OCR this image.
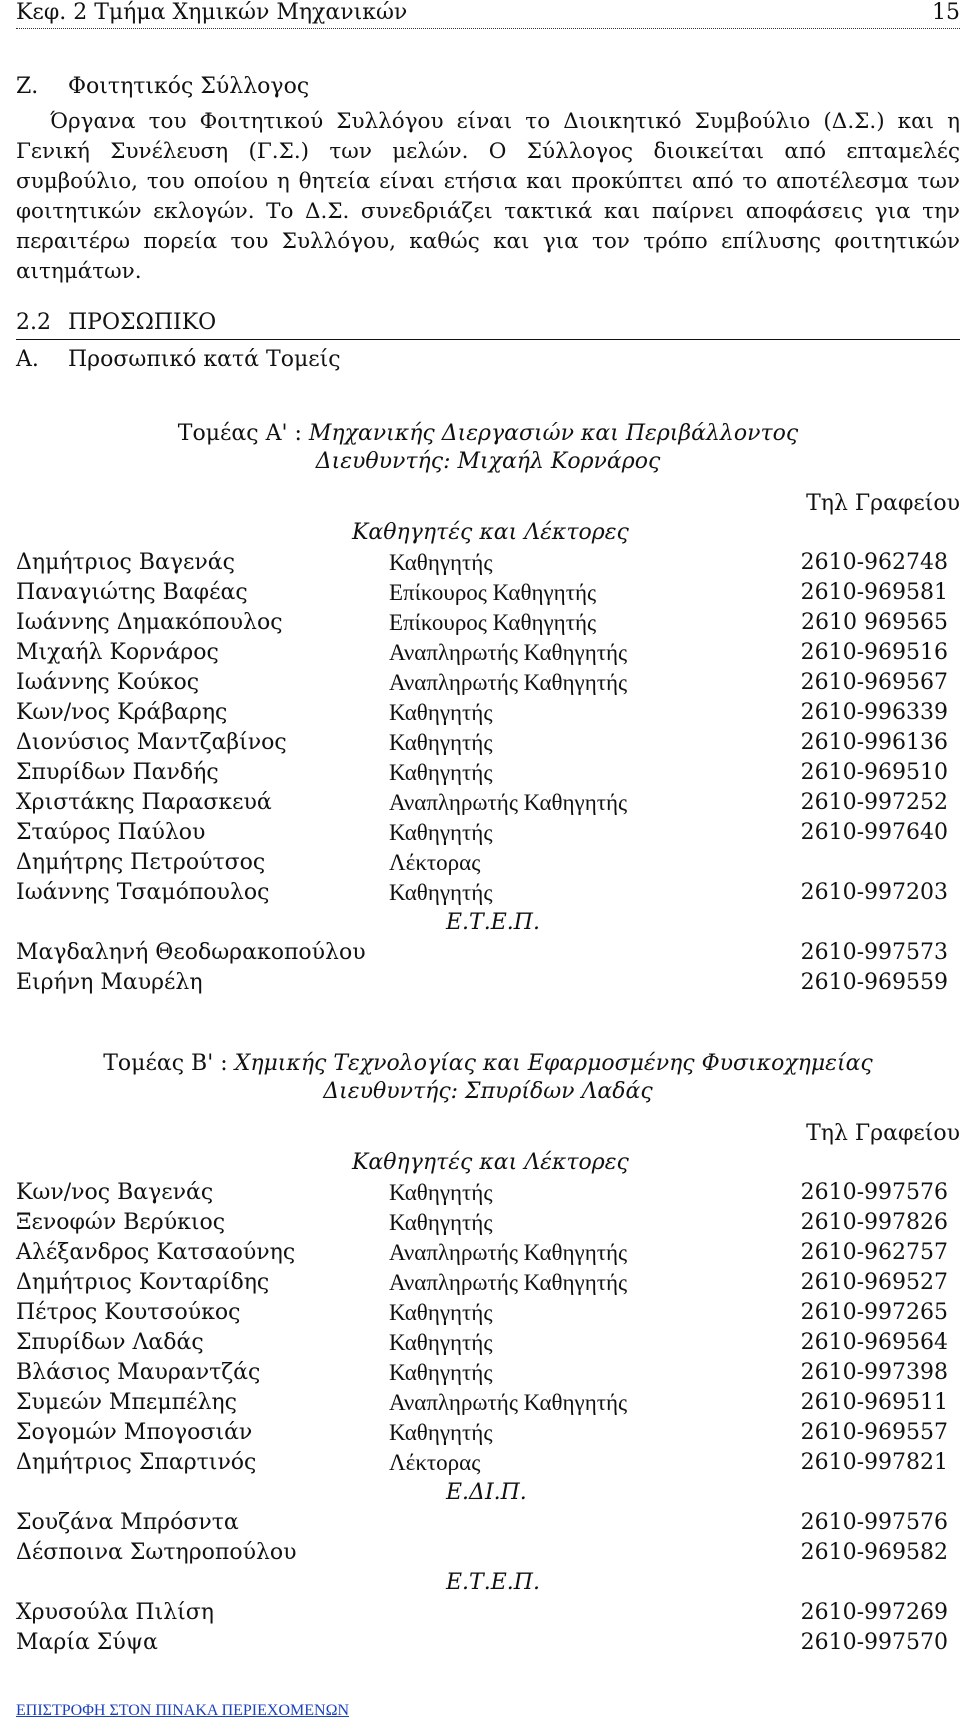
Κεφ. 2 Τμήμα Χημικών Μηχανικών	15
Ζ.	Φοιτητικός Σύλλογος

Όργανα του Φοιτητικού Συλλόγου είναι το Διοικητικό Συμβούλιο (Δ.Σ.) και η Γενική Συνέλευση (Γ.Σ.) των μελών. Ο Σύλλογος διοικείται από επταμελές συμβούλιο, του οποίου η θητεία είναι ετήσια και προκύπτει από το αποτέλεσμα των φοιτητικών εκλογών. Το Δ.Σ. συνεδριάζει τακτικά και παίρνει αποφάσεις για την περαιτέρω πορεία του Συλλόγου, καθώς και για τον τρόπο επίλυσης φοιτητικών αιτημάτων.

2.2 ΠΡΟΣΩΠΙΚΟ
Α.	Προσωπικό κατά Τομείς
Τομέας Α' : Μηχανικής Διεργασιών και Περιβάλλοντος
Διευθυντής: Μιχαήλ Κορνάρος
Τηλ Γραφείου
Καθηγητές και Λέκτορες
Δημήτριος Βαγενάς	Καθηγητής	2610-962748
Παναγιώτης Βαφέας	Επίκουρος Καθηγητής	2610-969581
Ιωάννης Δημακόπουλος	Επίκουρος Καθηγητής	2610 969565
Μιχαήλ Κορνάρος	Αναπληρωτής Καθηγητής	2610-969516
Ιωάννης Κούκος	Αναπληρωτής Καθηγητής	2610-969567
Κων/νος Κράβαρης	Καθηγητής	2610-996339
Διονύσιος Μαντζαβίνος	Καθηγητής	2610-996136
Σπυρίδων Πανδής	Καθηγητής	2610-969510
Χριστάκης Παρασκευά	Αναπληρωτής Καθηγητής	2610-997252
Σταύρος Παύλου	Καθηγητής	2610-997640
Δημήτρης Πετρούτσος	Λέκτορας
Ιωάννης Τσαμόπουλος	Καθηγητής	2610-997203
Ε.Τ.Ε.Π.
Μαγδαληνή Θεοδωρακοπούλου	2610-997573
Ειρήνη Μαυρέλη	2610-969559
Τομέας Β' : Χημικής Τεχνολογίας και Εφαρμοσμένης Φυσικοχημείας
Διευθυντής: Σπυρίδων Λαδάς
Τηλ Γραφείου
Καθηγητές και Λέκτορες
Κων/νος Βαγενάς	Καθηγητής	2610-997576
Ξενοφών Βερύκιος	Καθηγητής	2610-997826
Αλέξανδρος Κατσαούνης	Αναπληρωτής Καθηγητής	2610-962757
Δημήτριος Κονταρίδης	Αναπληρωτής Καθηγητής	2610-969527
Πέτρος Κουτσούκος	Καθηγητής	2610-997265
Σπυρίδων Λαδάς	Καθηγητής	2610-969564
Βλάσιος Μαυραντζάς	Καθηγητής	2610-997398
Συμεών Μπεμπέλης	Αναπληρωτής Καθηγητής	2610-969511
Σογομών Μπογοσιάν	Καθηγητής	2610-969557
Δημήτριος Σπαρτινός	Λέκτορας	2610-997821
Ε.ΔΙ.Π.
Σουζάνα Μπρόσντα	2610-997576
Δέσποινα Σωτηροπούλου	2610-969582
Ε.Τ.Ε.Π.
Χρυσούλα Πιλίση	2610-997269
Μαρία Σύψα	2610-997570
ΕΠΙΣΤΡΟΦΗ ΣΤΟΝ ΠΙΝΑΚΑ ΠΕΡΙΕΧΟΜΕΝΩΝ
